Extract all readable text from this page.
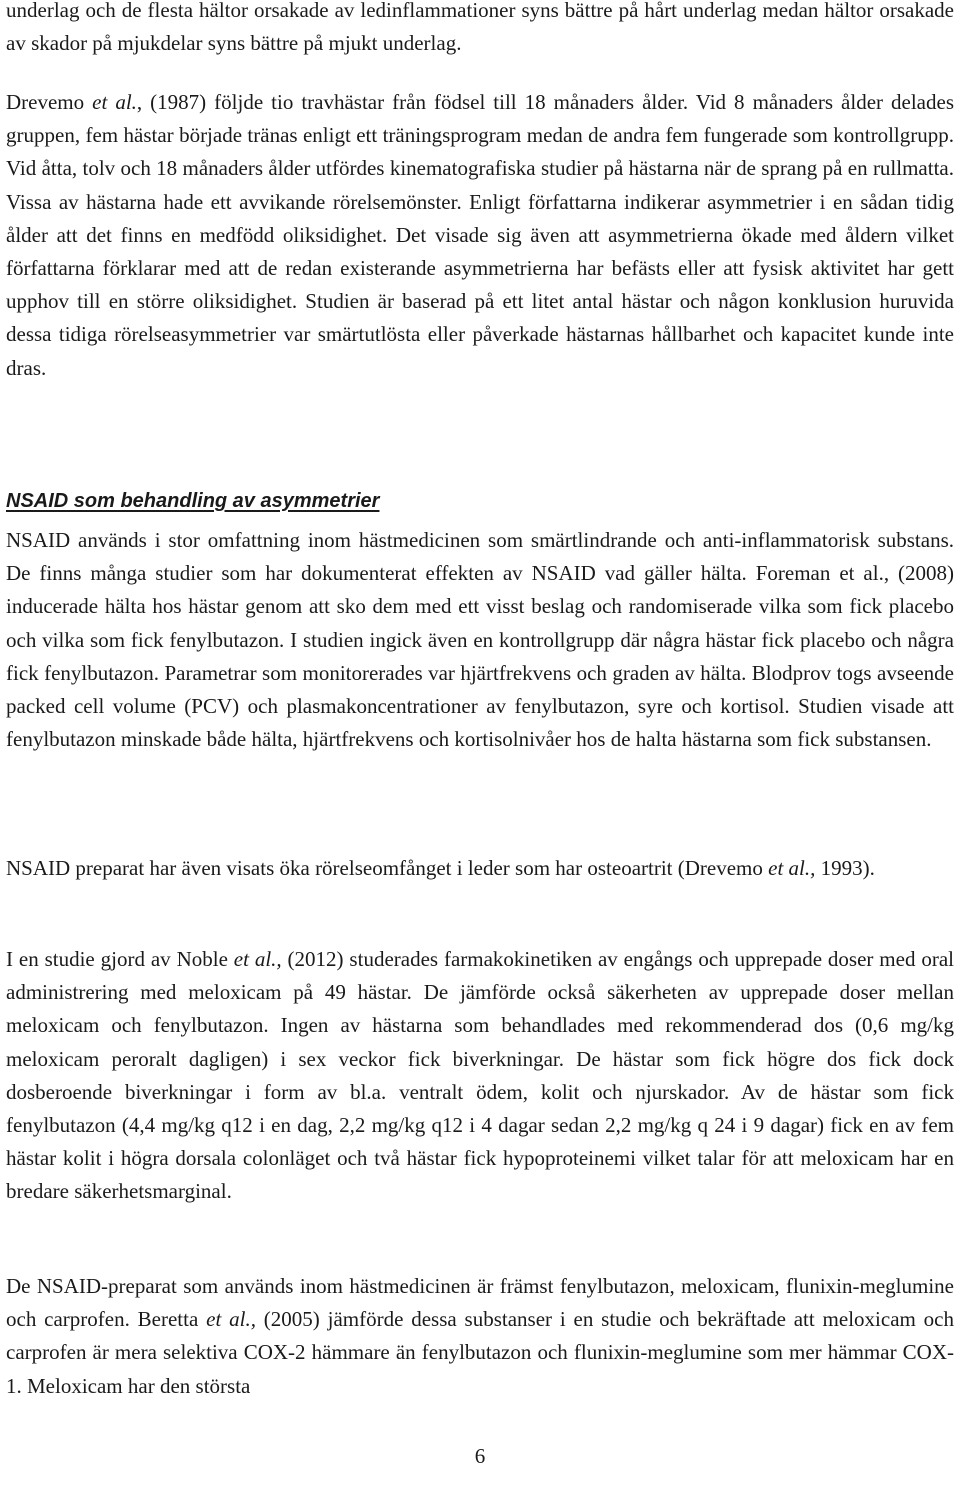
underlag och de flesta hältor orsakade av ledinflammationer syns bättre på hårt underlag medan hältor orsakade av skador på mjukdelar syns bättre på mjukt underlag.

Drevemo et al., (1987) följde tio travhästar från födsel till 18 månaders ålder. Vid 8 månaders ålder delades gruppen, fem hästar började tränas enligt ett träningsprogram medan de andra fem fungerade som kontrollgrupp. Vid åtta, tolv och 18 månaders ålder utfördes kinematografiska studier på hästarna när de sprang på en rullmatta. Vissa av hästarna hade ett avvikande rörelsemönster. Enligt författarna indikerar asymmetrier i en sådan tidig ålder att det finns en medfödd oliksidighet. Det visade sig även att asymmetrierna ökade med åldern vilket författarna förklarar med att de redan existerande asymmetrierna har befästs eller att fysisk aktivitet har gett upphov till en större oliksidighet. Studien är baserad på ett litet antal hästar och någon konklusion huruvida dessa tidiga rörelseasymmetrier var smärtutlösta eller påverkade hästarnas hållbarhet och kapacitet kunde inte dras.

NSAID som behandling av asymmetrier

NSAID används i stor omfattning inom hästmedicinen som smärtlindrande och anti-inflammatorisk substans. De finns många studier som har dokumenterat effekten av NSAID vad gäller hälta. Foreman et al., (2008) inducerade hälta hos hästar genom att sko dem med ett visst beslag och randomiserade vilka som fick placebo och vilka som fick fenylbutazon. I studien ingick även en kontrollgrupp där några hästar fick placebo och några fick fenylbutazon. Parametrar som monitorerades var hjärtfrekvens och graden av hälta. Blodprov togs avseende packed cell volume (PCV) och plasmakoncentrationer av fenylbutazon, syre och kortisol. Studien visade att fenylbutazon minskade både hälta, hjärtfrekvens och kortisolnivåer hos de halta hästarna som fick substansen.

NSAID preparat har även visats öka rörelseomfånget i leder som har osteoartrit (Drevemo et al., 1993).

I en studie gjord av Noble et al., (2012) studerades farmakokinetiken av engångs och upprepade doser med oral administrering med meloxicam på 49 hästar. De jämförde också säkerheten av upprepade doser mellan meloxicam och fenylbutazon. Ingen av hästarna som behandlades med rekommenderad dos (0,6 mg/kg meloxicam peroralt dagligen) i sex veckor fick biverkningar. De hästar som fick högre dos fick dock dosberoende biverkningar i form av bl.a. ventralt ödem, kolit och njurskador. Av de hästar som fick fenylbutazon (4,4 mg/kg q12 i en dag, 2,2 mg/kg q12 i 4 dagar sedan 2,2 mg/kg q 24 i 9 dagar) fick en av fem hästar kolit i högra dorsala colonläget och två hästar fick hypoproteinemi vilket talar för att meloxicam har en bredare säkerhetsmarginal.

De NSAID-preparat som används inom hästmedicinen är främst fenylbutazon, meloxicam, flunixin-meglumine och carprofen. Beretta et al., (2005) jämförde dessa substanser i en studie och bekräftade att meloxicam och carprofen är mera selektiva COX-2 hämmare än fenylbutazon och flunixin-meglumine som mer hämmar COX-1. Meloxicam har den största

6
